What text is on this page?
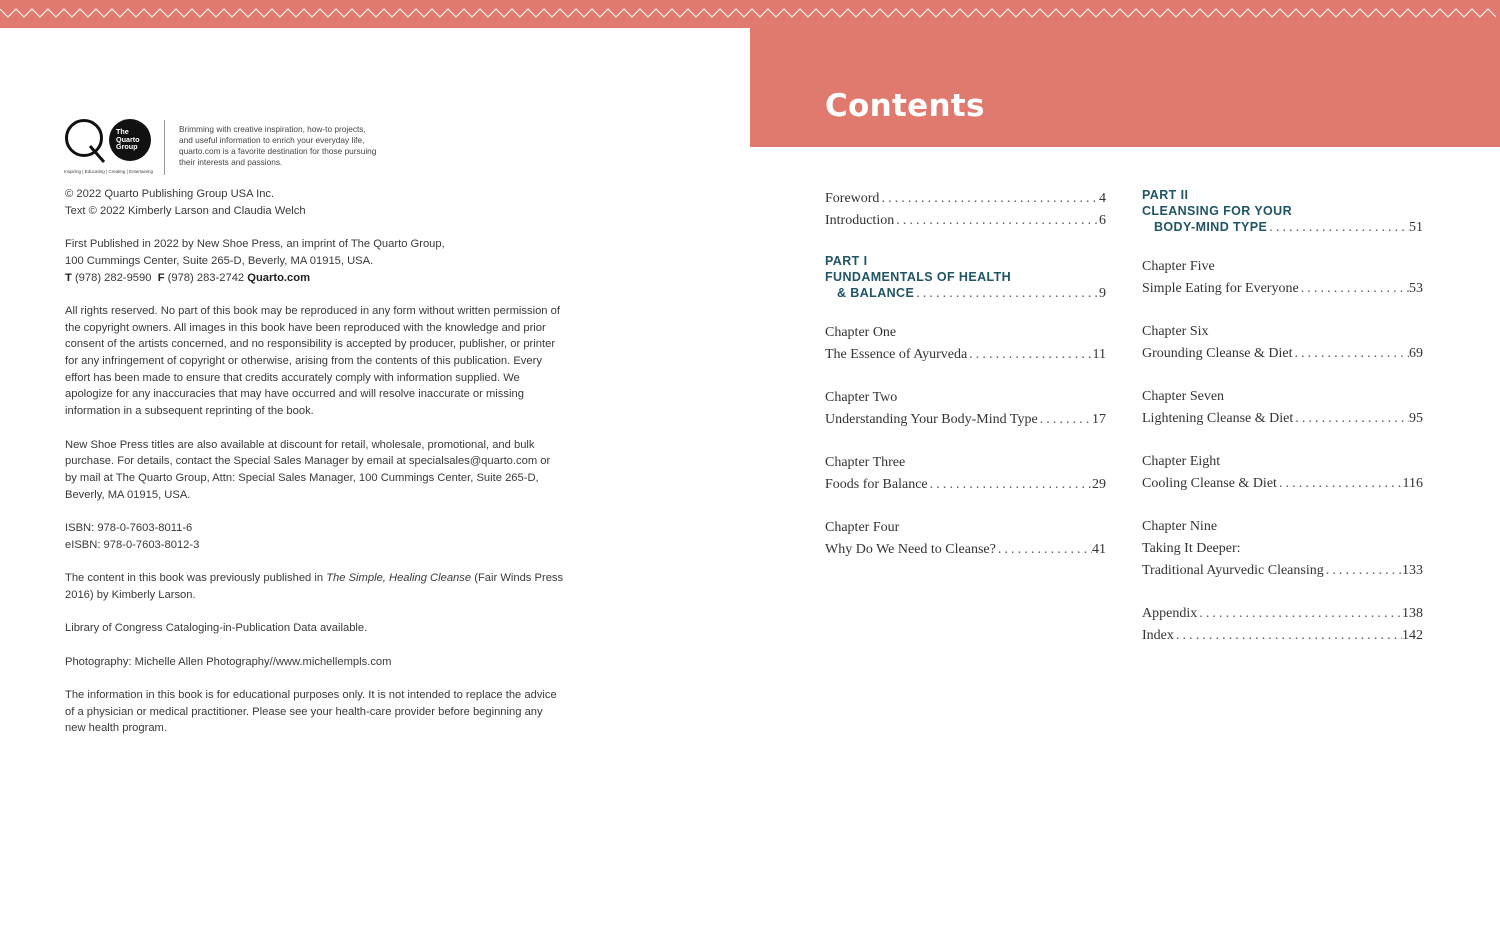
Contents
The
Quarto
Group
Inspiring | Educating | Creating | Entertaining
Brimming with creative inspiration, how-to projects, and useful information to enrich your everyday life, quarto.com is a favorite destination for those pursuing their interests and passions.

© 2022 Quarto Publishing Group USA Inc.
Text © 2022 Kimberly Larson and Claudia Welch

First Published in 2022 by New Shoe Press, an imprint of The Quarto Group,
100 Cummings Center, Suite 265-D, Beverly, MA 01915, USA.
T (978) 282-9590 F (978) 283-2742 Quarto.com

All rights reserved. No part of this book may be reproduced in any form without written permission of the copyright owners. All images in this book have been reproduced with the knowledge and prior consent of the artists concerned, and no responsibility is accepted by producer, publisher, or printer for any infringement of copyright or otherwise, arising from the contents of this publication. Every effort has been made to ensure that credits accurately comply with information supplied. We apologize for any inaccuracies that may have occurred and will resolve inaccurate or missing information in a subsequent reprinting of the book.

New Shoe Press titles are also available at discount for retail, wholesale, promotional, and bulk purchase. For details, contact the Special Sales Manager by email at specialsales@quarto.com or by mail at The Quarto Group, Attn: Special Sales Manager, 100 Cummings Center, Suite 265-D, Beverly, MA 01915, USA.

ISBN: 978-0-7603-8011-6
eISBN: 978-0-7603-8012-3

The content in this book was previously published in The Simple, Healing Cleanse (Fair Winds Press 2016) by Kimberly Larson.

Library of Congress Cataloging-in-Publication Data available.

Photography: Michelle Allen Photography//www.michellempls.com

The information in this book is for educational purposes only. It is not intended to replace the advice of a physician or medical practitioner. Please see your health-care provider before beginning any new health program.

Foreword . . .	4
Introduction . . .	6
PART I
FUNDAMENTALS OF HEALTH
& BALANCE . . .	9
Chapter One
The Essence of Ayurveda . . .	11
Chapter Two
Understanding Your Body-Mind Type . . .	17
Chapter Three
Foods for Balance . . .	29
Chapter Four
Why Do We Need to Cleanse? . . .	41
PART II
CLEANSING FOR YOUR
BODY-MIND TYPE . . .	51
Chapter Five
Simple Eating for Everyone . . .	53
Chapter Six
Grounding Cleanse & Diet . . .	69
Chapter Seven
Lightening Cleanse & Diet . . .	95
Chapter Eight
Cooling Cleanse & Diet . . .	116
Chapter Nine
Taking It Deeper:
Traditional Ayurvedic Cleansing . . .	133
Appendix . . .	138
Index . . .	142
